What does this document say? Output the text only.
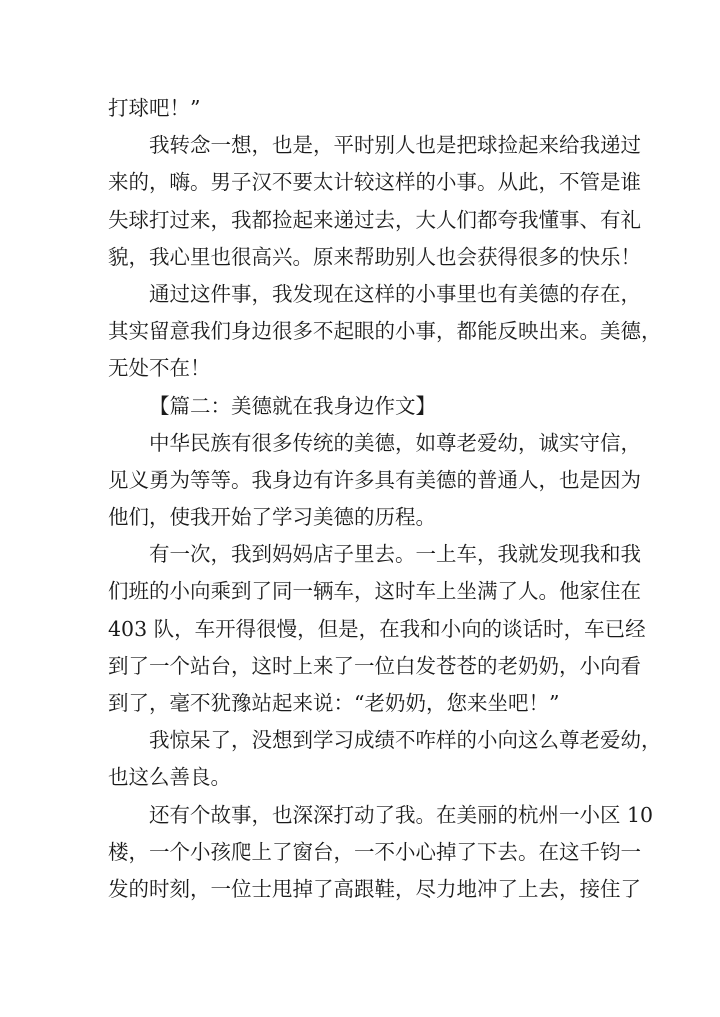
打球吧！”
我转念一想，也是，平时别人也是把球捡起来给我递过
来的，嗨。男子汉不要太计较这样的小事。从此，不管是谁
失球打过来，我都捡起来递过去，大人们都夸我懂事、有礼
貌，我心里也很高兴。原来帮助别人也会获得很多的快乐！
通过这件事，我发现在这样的小事里也有美德的存在，
其实留意我们身边很多不起眼的小事，都能反映出来。美德，
无处不在！
【篇二：美德就在我身边作文】
中华民族有很多传统的美德，如尊老爱幼，诚实守信，
见义勇为等等。我身边有许多具有美德的普通人，也是因为
他们，使我开始了学习美德的历程。
有一次，我到妈妈店子里去。一上车，我就发现我和我
们班的小向乘到了同一辆车，这时车上坐满了人。他家住在
403 队，车开得很慢，但是，在我和小向的谈话时，车已经
到了一个站台，这时上来了一位白发苍苍的老奶奶，小向看
到了，毫不犹豫站起来说：“老奶奶，您来坐吧！”
我惊呆了，没想到学习成绩不咋样的小向这么尊老爱幼，
也这么善良。
还有个故事，也深深打动了我。在美丽的杭州一小区 10
楼，一个小孩爬上了窗台，一不小心掉了下去。在这千钧一
发的时刻，一位士甩掉了高跟鞋，尽力地冲了上去，接住了
